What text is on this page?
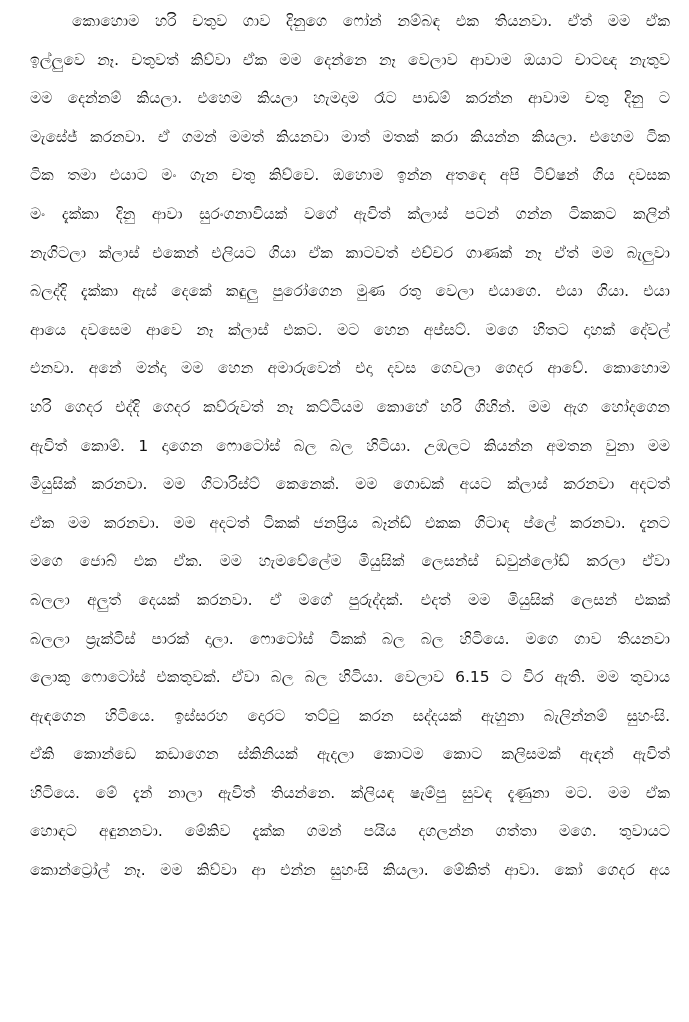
කොහොම හරි චතුව ගාව දිනුගෙ ෆෝන් නම්බඳ එක තියනවා. ඒත් මම ඒක
ඉල්ලුවෙ නෑ. චතුවත් කිව්වා ඒක මම දෙන්නෙ නෑ වෙලාව ආවාම ඔයාට චාටඥ නැතුව
මම දෙන්නම් කියලා. එහෙම කියලා හැමදාම රෑට පාඩම් කරන්න ආවාම චතු දිනු ට
මැසේජ් කරනවා. ඒ ගමන් මමත් කියනවා මාත් මතක් කරා කියන්න කියලා. එහෙම ටික
ටික තමා එයාට මං ගැන චතු කිව්වෙ. ඔහොම ඉන්න අතඳෙ අපි ටිව්ෂන් ගිය දවසක
මං දැක්කා දිනු ආවා සුරංගනාවියක් වගේ ඇවිත් ක්ලාස් පටන් ගන්න ටිකකට කලින්
නැගිටලා ක්ලාස් එකෙන් එලියට ගියා ඒක කාටවත් එච්චර ගාණක් නෑ ඒත් මම බැලුවා
බලද්දි දැක්කා ඇස් දෙකේ කඳුලු පුරෝගෙන මුණ රතු වෙලා එයාගෙ. එයා ගියා. එයා
ආයෙ දවසෙම ආවෙ නෑ ක්ලාස් එකට. මට හෙන අප්සට්. මගෙ හිතට දාහක් දේවල්
එනවා. අනේ මන්දා මම හෙන අමාරුවෙන් එදා දවස ගෙවලා ගෙදර ආවේ. කොහොම
හරි ගෙදර එද්දි ගෙදර කව්රුවත් නෑ කට්ටියම කොහේ හරි ගිහින්. මම ඇග හෝදගෙන
ඇවිත් කොම්. 1 දාගෙන ෆොටෝස් බල බල හිටියා. උඹලට කියන්න අමතන වුනා මම
මියුසික් කරනවා. මම ගිටාරිස්ට් කෙනෙක්. මම ගොඩක් අයට ක්ලාස් කරනවා අදටත්
ඒක මම කරනවා. මම අදටත් ටිකක් ජනප්‍රිය බෑන්ඩ් එකක ගිටාඳ ප්ලේ කරනවා. දැනට
මගෙ ජොබ් එක ඒක. මම හැමවේලේම මියුසික් ලෙසන්ස් ඩවුන්ලෝඩ් කරලා ඒවා
බලලා අලුත් දෙයක් කරනවා. ඒ මගේ පුරුද්දක්. එදත් මම මියුසික් ලෙසන් එකක්
බලලා ප්‍රැක්ටිස් පාරක් දාලා. ෆොටෝස් ටිකක් බල බල හිටියෙ. මගෙ ගාව තියනවා
ලොකු ෆොටෝස් එකතුවක්. ඒවා බල බල හිටියා. වෙලාව 6.15 ට විර ඇති. මම තුවාය
ඇඳගෙන හිටියෙ. ඉස්සරහ දොරට තට්ටු කරන සද්දයක් ඇහුනා බැලින්නම් සුහංසි.
ඒකි කොන්ඩෙ කඩාගෙන ස්කිනියක් ඇදලා කොටම කොට කලිසමක් ඇඳන් ඇවිත්
හිටියෙ. මේ දැන් නාලා ඇවිත් තියන්නෙ. ක්ලියඳ ෂැම්පු සුවඳ දැණුනා මට. මම ඒක
හොඳට අඳුනනවා. මේකිව දැක්ක ගමන් පයිය දගලන්න ගත්තා මගෙ. තුවායට
කොන්ට්‍රෝල් නෑ. මම කිව්වා ආ එන්න සුහංසි කියලා. මේකිත් ආවා. කෝ ගෙදර අය
